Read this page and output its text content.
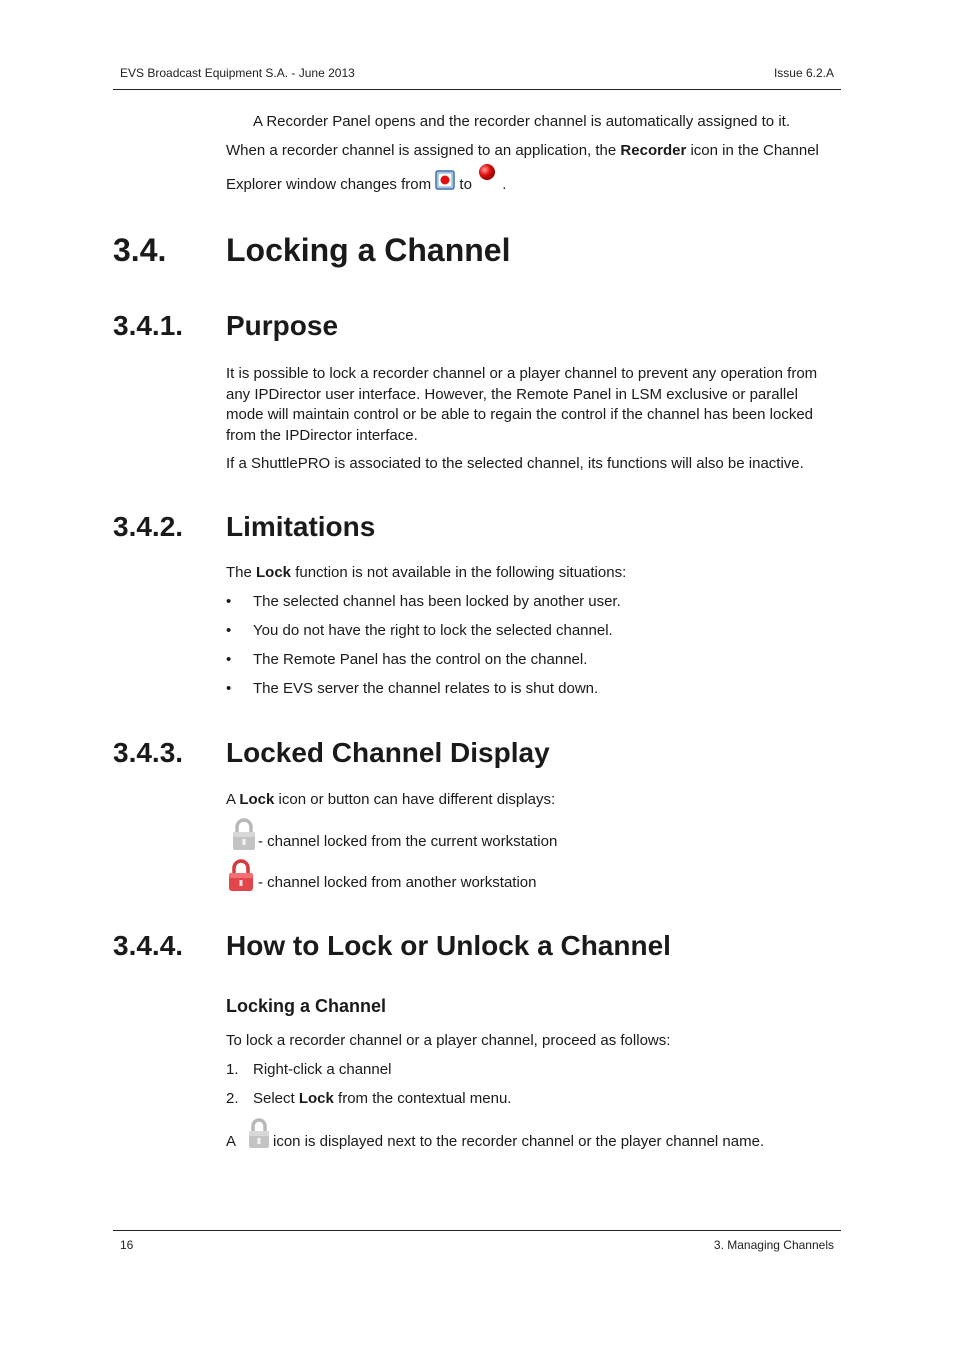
EVS Broadcast Equipment S.A. - June 2013	Issue 6.2.A
A Recorder Panel opens and the recorder channel is automatically assigned to it.
When a recorder channel is assigned to an application, the Recorder icon in the Channel
Explorer window changes from  to  .
3.4. Locking a Channel
3.4.1. Purpose
It is possible to lock a recorder channel or a player channel to prevent any operation from any IPDirector user interface. However, the Remote Panel in LSM exclusive or parallel mode will maintain control or be able to regain the control if the channel has been locked from the IPDirector interface.
If a ShuttlePRO is associated to the selected channel, its functions will also be inactive.
3.4.2. Limitations
The Lock function is not available in the following situations:
• The selected channel has been locked by another user.
• You do not have the right to lock the selected channel.
• The Remote Panel has the control on the channel.
• The EVS server the channel relates to is shut down.
3.4.3. Locked Channel Display
A Lock icon or button can have different displays:
- channel locked from the current workstation
- channel locked from another workstation
3.4.4. How to Lock or Unlock a Channel
Locking a Channel
To lock a recorder channel or a player channel, proceed as follows:
1. Right-click a channel
2. Select Lock from the contextual menu.
A icon is displayed next to the recorder channel or the player channel name.
16	3. Managing Channels
